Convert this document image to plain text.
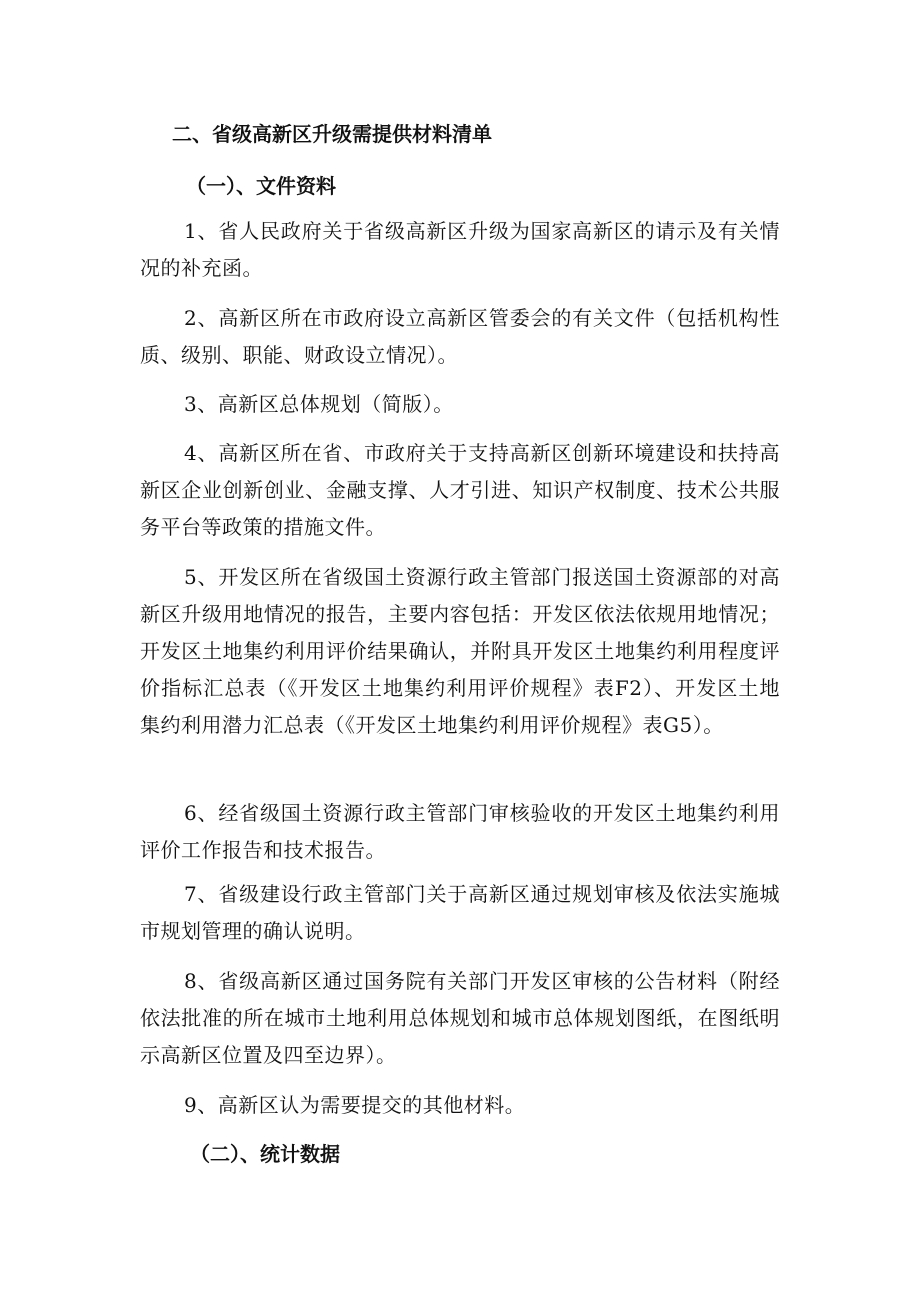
二、省级高新区升级需提供材料清单
（一）、文件资料
1、省人民政府关于省级高新区升级为国家高新区的请示及有关情况的补充函。
2、高新区所在市政府设立高新区管委会的有关文件（包括机构性质、级别、职能、财政设立情况）。
3、高新区总体规划（简版）。
4、高新区所在省、市政府关于支持高新区创新环境建设和扶持高新区企业创新创业、金融支撑、人才引进、知识产权制度、技术公共服务平台等政策的措施文件。
5、开发区所在省级国土资源行政主管部门报送国土资源部的对高新区升级用地情况的报告，主要内容包括：开发区依法依规用地情况；开发区土地集约利用评价结果确认，并附具开发区土地集约利用程度评价指标汇总表（《开发区土地集约利用评价规程》表F2）、开发区土地集约利用潜力汇总表（《开发区土地集约利用评价规程》表G5）。
6、经省级国土资源行政主管部门审核验收的开发区土地集约利用评价工作报告和技术报告。
7、省级建设行政主管部门关于高新区通过规划审核及依法实施城市规划管理的确认说明。
8、省级高新区通过国务院有关部门开发区审核的公告材料（附经依法批准的所在城市土地利用总体规划和城市总体规划图纸，在图纸明示高新区位置及四至边界）。
9、高新区认为需要提交的其他材料。
（二）、统计数据
